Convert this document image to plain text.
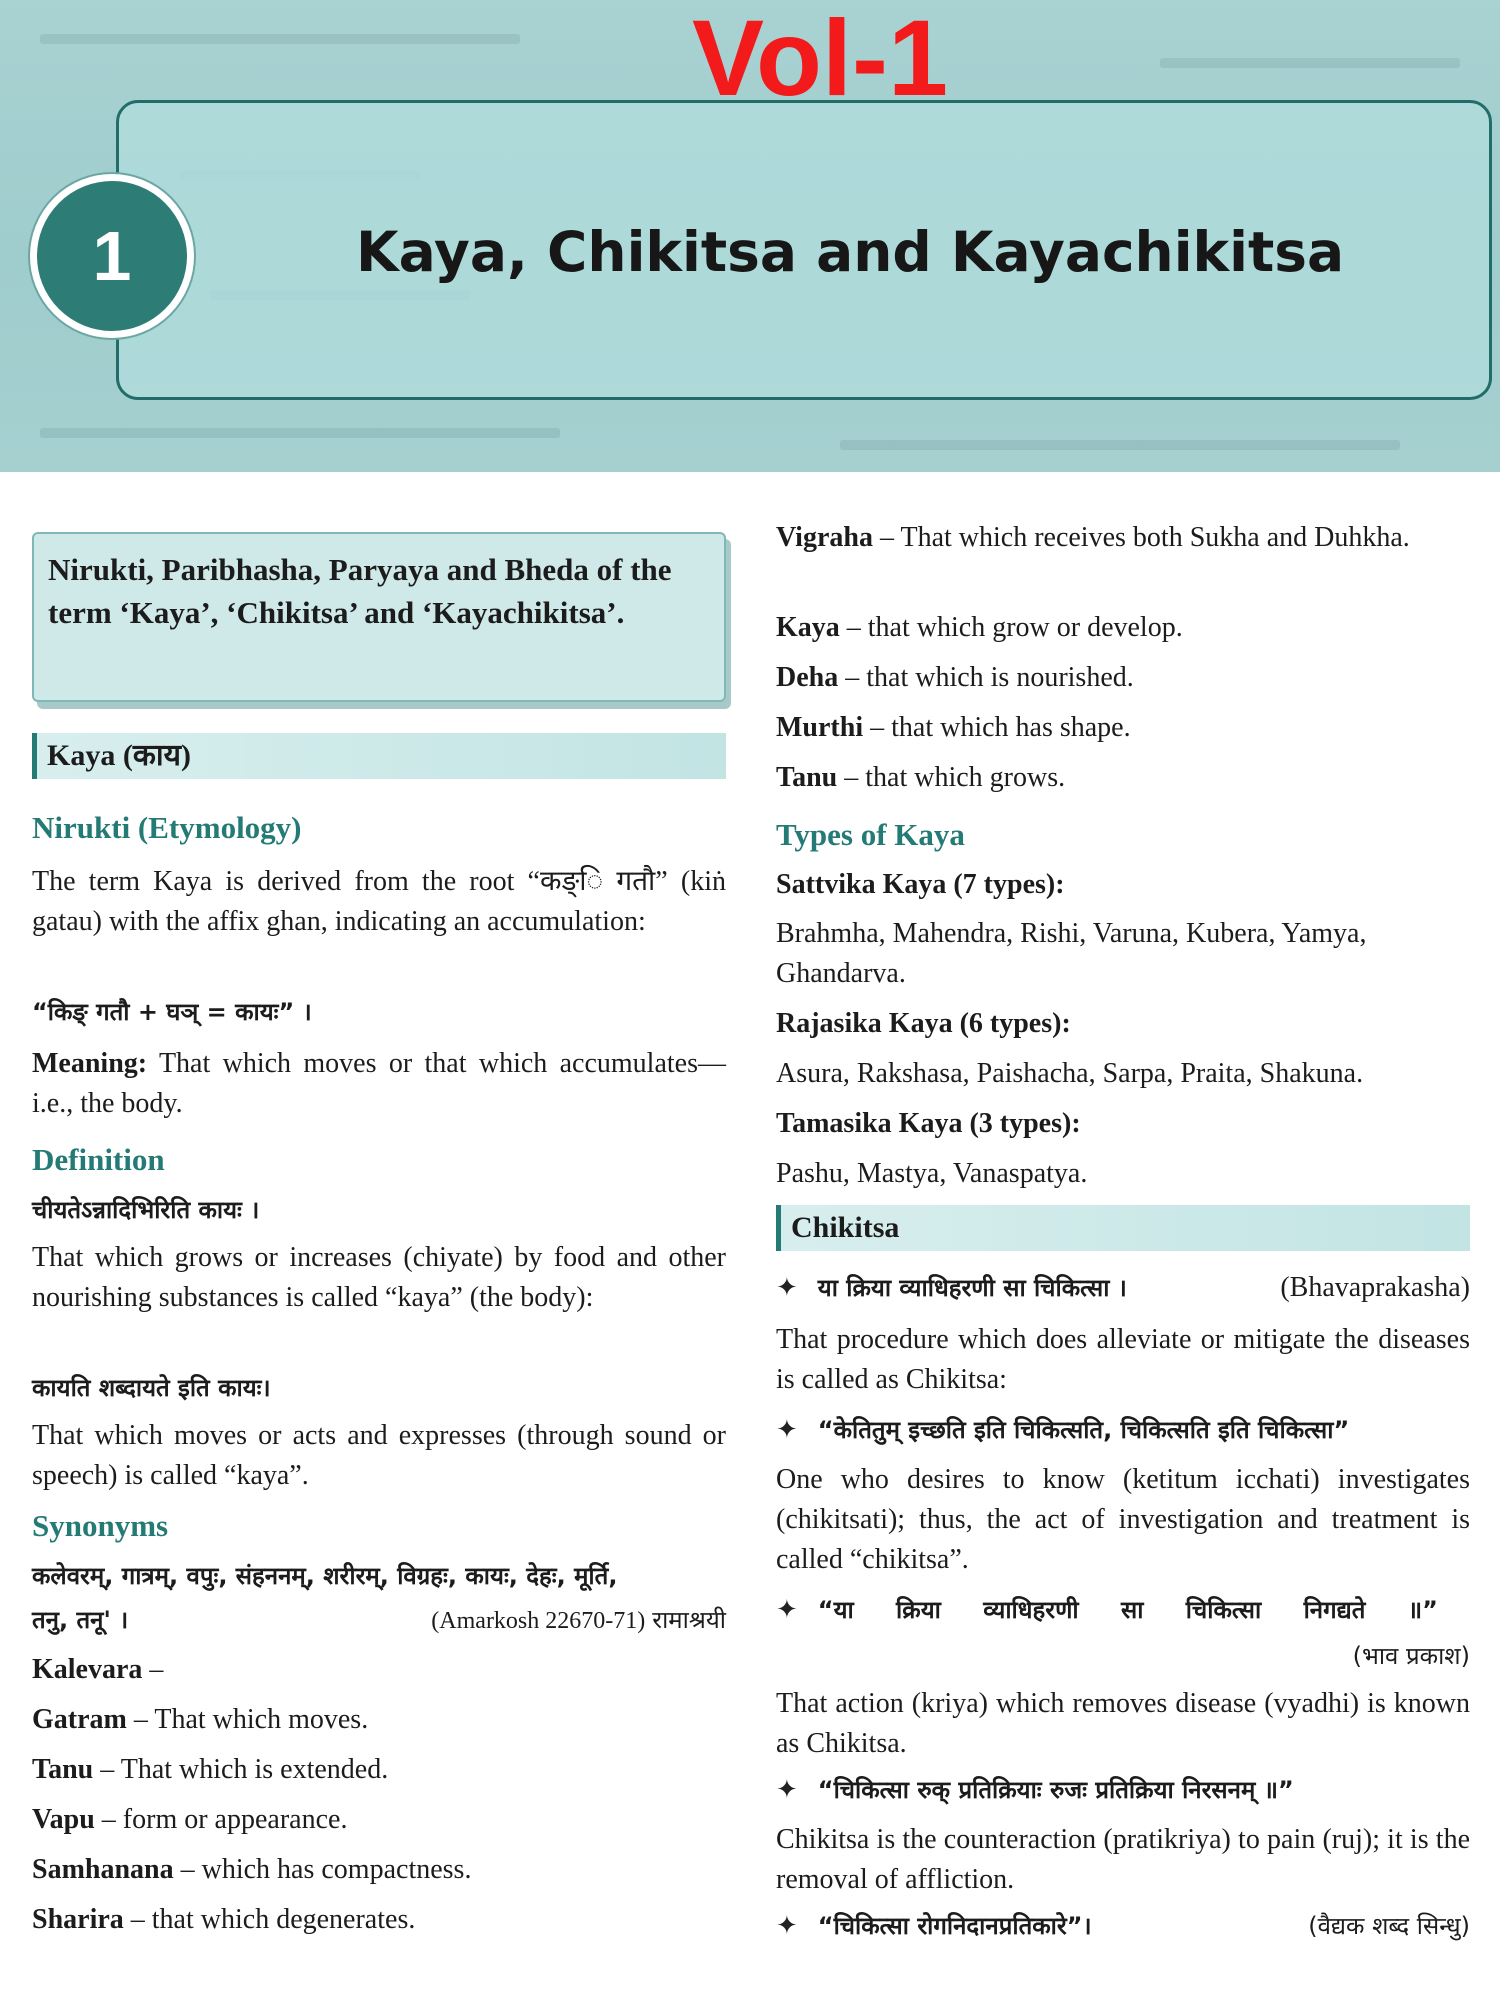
1	Kaya, Chikitsa and Kayachikitsa
Vol-1
Nirukti, Paribhasha, Paryaya and Bheda of the term ‘Kaya’, ‘Chikitsa’ and ‘Kayachikitsa’.
Kaya (काय)
Nirukti (Etymology)
The term Kaya is derived from the root “कङ्ि गतौ” (kiṅ gatau) with the affix ghan, indicating an accumulation:
“किङ् गतौ + घञ् = कायः” ।
Meaning: That which moves or that which accumulates—i.e., the body.
Definition
चीयतेऽन्नादिभिरिति कायः ।
That which grows or increases (chiyate) by food and other nourishing substances is called “kaya” (the body):
कायति शब्दायते इति कायः।
That which moves or acts and expresses (through sound or speech) is called “kaya”.
Synonyms
कलेवरम्, गात्रम्, वपुः, संहननम्, शरीरम्, विग्रहः, कायः, देहः, मूर्ति,
तनु, तनू' ।	(Amarkosh 22670-71) रामाश्रयी
Kalevara –
Gatram – That which moves.
Tanu – That which is extended.
Vapu – form or appearance.
Samhanana – which has compactness.
Sharira – that which degenerates.
Vigraha – That which receives both Sukha and Duhkha.
Kaya – that which grow or develop.
Deha – that which is nourished.
Murthi – that which has shape.
Tanu – that which grows.
Types of Kaya
Sattvika Kaya (7 types):
Brahmha, Mahendra, Rishi, Varuna, Kubera, Yamya, Ghandarva.
Rajasika Kaya (6 types):
Asura, Rakshasa, Paishacha, Sarpa, Praita, Shakuna.
Tamasika Kaya (3 types):
Pashu, Mastya, Vanaspatya.
Chikitsa
✦ या क्रिया व्याधिहरणी सा चिकित्सा ।	(Bhavaprakasha)
That procedure which does alleviate or mitigate the diseases is called as Chikitsa:
✦ “केतितुम् इच्छति इति चिकित्सति, चिकित्सति इति चिकित्सा”
One who desires to know (ketitum icchati) investigates (chikitsati); thus, the act of investigation and treatment is called “chikitsa”.
✦ “या क्रिया व्याधिहरणी सा चिकित्सा निगद्यते ॥”
(भाव प्रकाश)
That action (kriya) which removes disease (vyadhi) is known as Chikitsa.
✦ “चिकित्सा रुक् प्रतिक्रियाः रुजः प्रतिक्रिया निरसनम् ॥”
Chikitsa is the counteraction (pratikriya) to pain (ruj); it is the removal of affliction.
✦ “चिकित्सा रोगनिदानप्रतिकारे”।	(वैद्यक शब्द सिन्धु)
